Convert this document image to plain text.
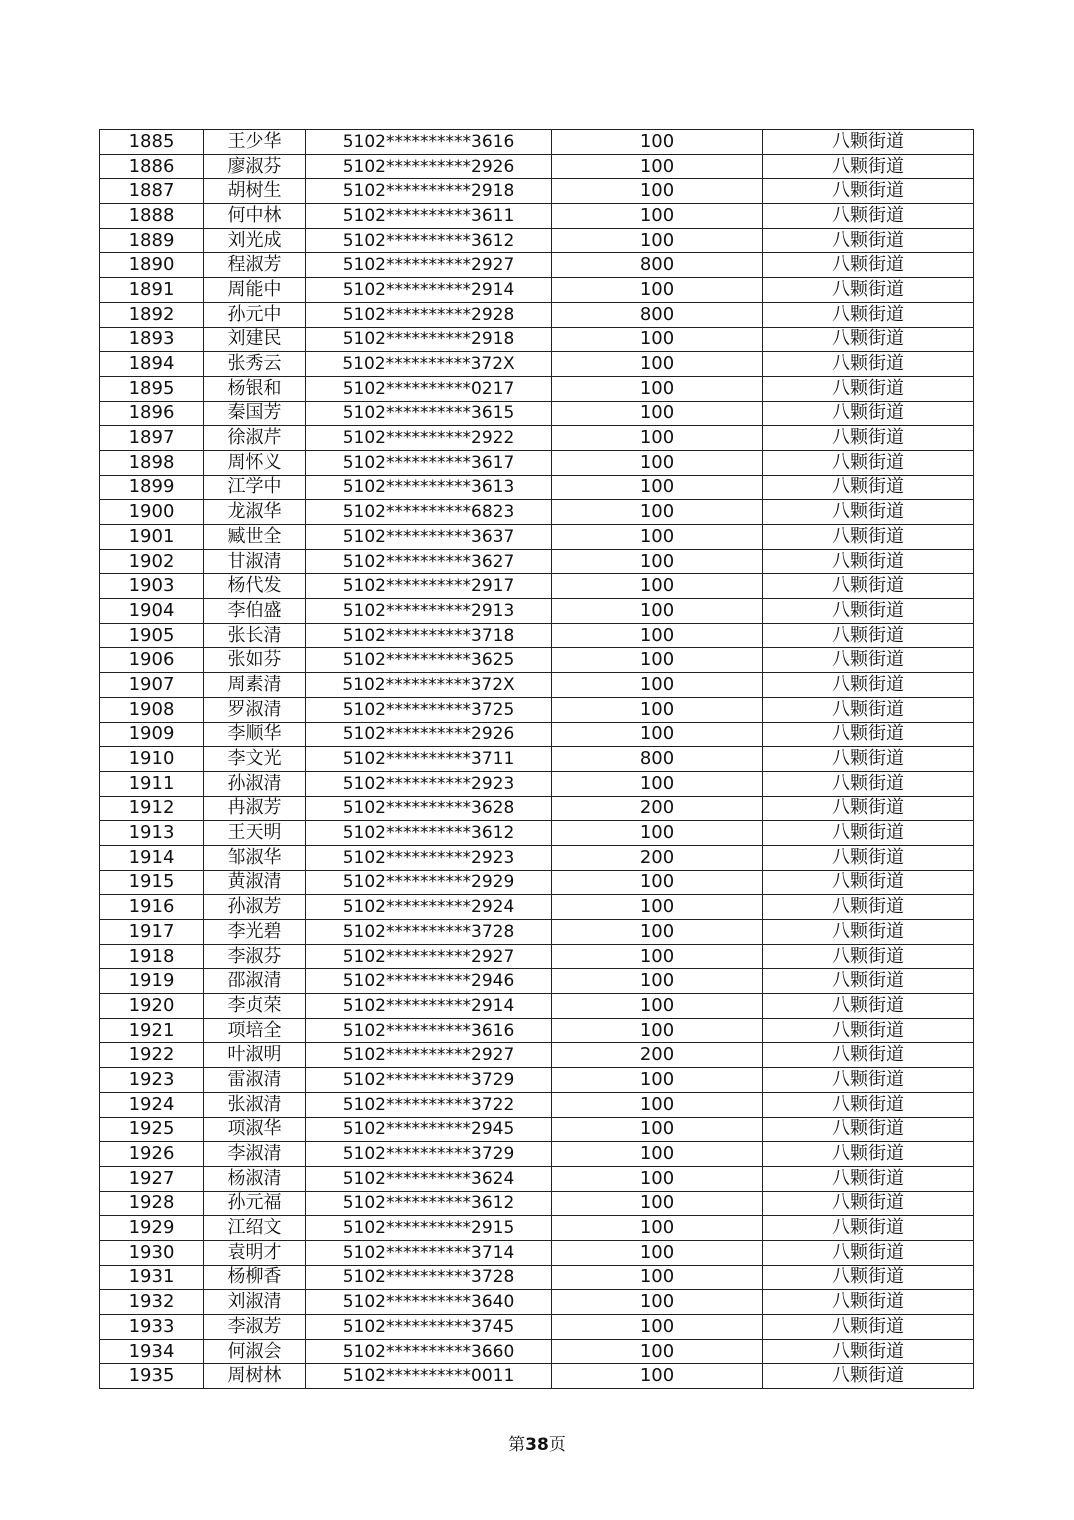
1885	王少华	5102**********3616	100	八颗街道
1886	廖淑芬	5102**********2926	100	八颗街道
1887	胡树生	5102**********2918	100	八颗街道
1888	何中林	5102**********3611	100	八颗街道
1889	刘光成	5102**********3612	100	八颗街道
1890	程淑芳	5102**********2927	800	八颗街道
1891	周能中	5102**********2914	100	八颗街道
1892	孙元中	5102**********2928	800	八颗街道
1893	刘建民	5102**********2918	100	八颗街道
1894	张秀云	5102**********372X	100	八颗街道
1895	杨银和	5102**********0217	100	八颗街道
1896	秦国芳	5102**********3615	100	八颗街道
1897	徐淑芹	5102**********2922	100	八颗街道
1898	周怀义	5102**********3617	100	八颗街道
1899	江学中	5102**********3613	100	八颗街道
1900	龙淑华	5102**********6823	100	八颗街道
1901	臧世全	5102**********3637	100	八颗街道
1902	甘淑清	5102**********3627	100	八颗街道
1903	杨代发	5102**********2917	100	八颗街道
1904	李伯盛	5102**********2913	100	八颗街道
1905	张长清	5102**********3718	100	八颗街道
1906	张如芬	5102**********3625	100	八颗街道
1907	周素清	5102**********372X	100	八颗街道
1908	罗淑清	5102**********3725	100	八颗街道
1909	李顺华	5102**********2926	100	八颗街道
1910	李文光	5102**********3711	800	八颗街道
1911	孙淑清	5102**********2923	100	八颗街道
1912	冉淑芳	5102**********3628	200	八颗街道
1913	王天明	5102**********3612	100	八颗街道
1914	邹淑华	5102**********2923	200	八颗街道
1915	黄淑清	5102**********2929	100	八颗街道
1916	孙淑芳	5102**********2924	100	八颗街道
1917	李光碧	5102**********3728	100	八颗街道
1918	李淑芬	5102**********2927	100	八颗街道
1919	邵淑清	5102**********2946	100	八颗街道
1920	李贞荣	5102**********2914	100	八颗街道
1921	项培全	5102**********3616	100	八颗街道
1922	叶淑明	5102**********2927	200	八颗街道
1923	雷淑清	5102**********3729	100	八颗街道
1924	张淑清	5102**********3722	100	八颗街道
1925	项淑华	5102**********2945	100	八颗街道
1926	李淑清	5102**********3729	100	八颗街道
1927	杨淑清	5102**********3624	100	八颗街道
1928	孙元福	5102**********3612	100	八颗街道
1929	江绍文	5102**********2915	100	八颗街道
1930	袁明才	5102**********3714	100	八颗街道
1931	杨柳香	5102**********3728	100	八颗街道
1932	刘淑清	5102**********3640	100	八颗街道
1933	李淑芳	5102**********3745	100	八颗街道
1934	何淑会	5102**********3660	100	八颗街道
1935	周树林	5102**********0011	100	八颗街道
第38页
